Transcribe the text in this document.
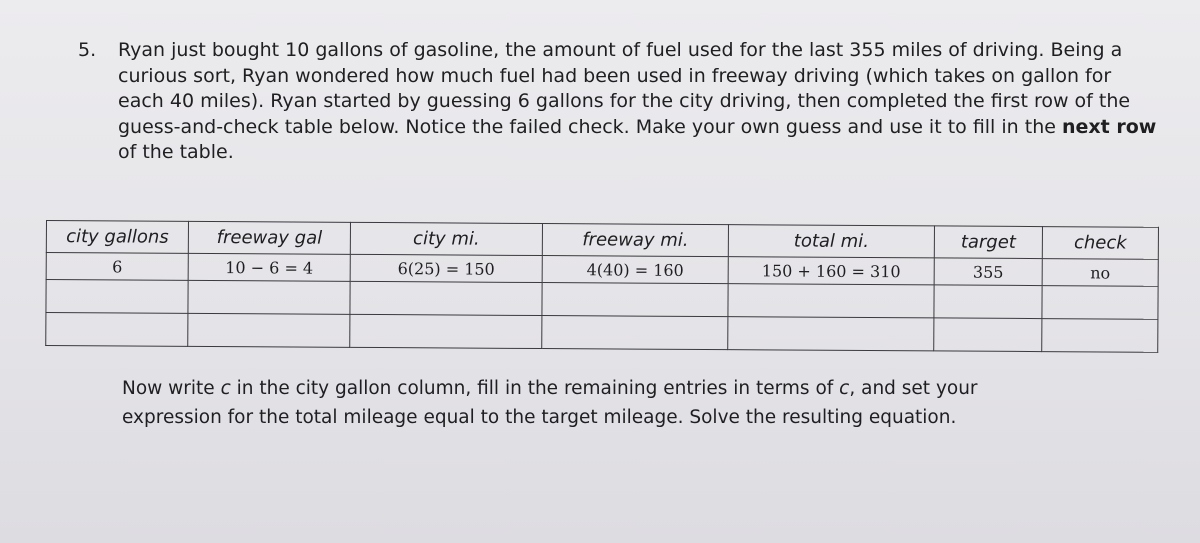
5. Ryan just bought 10 gallons of gasoline, the amount of fuel used for the last 355 miles of driving. Being a curious sort, Ryan wondered how much fuel had been used in freeway driving (which takes on gallon for each 40 miles). Ryan started by guessing 6 gallons for the city driving, then completed the first row of the guess-and-check table below. Notice the failed check. Make your own guess and use it to fill in the next row of the table.
city gallons	freeway gal	city mi.	freeway mi.	total mi.	target	check
6	10 − 6 = 4	6(25) = 150	4(40) = 160	150 + 160 = 310	355	no

Now write c in the city gallon column, fill in the remaining entries in terms of c, and set your expression for the total mileage equal to the target mileage. Solve the resulting equation.
